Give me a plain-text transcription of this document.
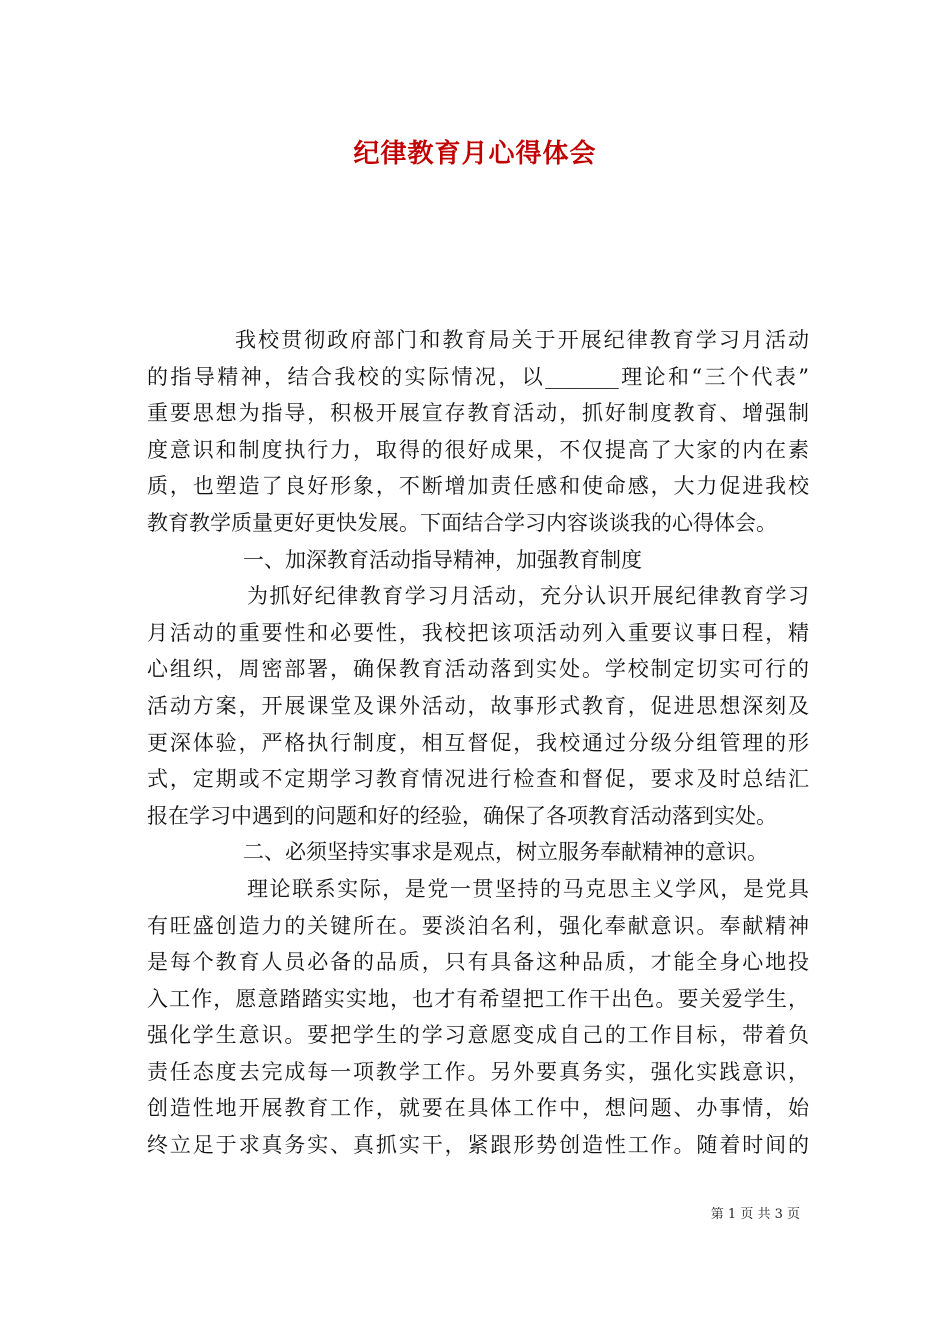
纪律教育月心得体会
我校贯彻政府部门和教育局关于开展纪律教育学习月活动
的指导精神，结合我校的实际情况，以_______理论和“三个代表”
重要思想为指导，积极开展宣存教育活动，抓好制度教育、增强制
度意识和制度执行力，取得的很好成果，不仅提高了大家的内在素
质，也塑造了良好形象，不断增加责任感和使命感，大力促进我校
教育教学质量更好更快发展。下面结合学习内容谈谈我的心得体会。
一、加深教育活动指导精神，加强教育制度
为抓好纪律教育学习月活动，充分认识开展纪律教育学习
月活动的重要性和必要性，我校把该项活动列入重要议事日程，精
心组织，周密部署，确保教育活动落到实处。学校制定切实可行的
活动方案，开展课堂及课外活动，故事形式教育，促进思想深刻及
更深体验，严格执行制度，相互督促，我校通过分级分组管理的形
式，定期或不定期学习教育情况进行检查和督促，要求及时总结汇
报在学习中遇到的问题和好的经验，确保了各项教育活动落到实处。
二、必须坚持实事求是观点，树立服务奉献精神的意识。
理论联系实际，是党一贯坚持的马克思主义学风，是党具
有旺盛创造力的关键所在。要淡泊名利，强化奉献意识。奉献精神
是每个教育人员必备的品质，只有具备这种品质，才能全身心地投
入工作，愿意踏踏实实地，也才有希望把工作干出色。要关爱学生，
强化学生意识。要把学生的学习意愿变成自己的工作目标，带着负
责任态度去完成每一项教学工作。另外要真务实，强化实践意识，
创造性地开展教育工作，就要在具体工作中，想问题、办事情，始
终立足于求真务实、真抓实干，紧跟形势创造性工作。随着时间的
第 1 页 共 3 页
